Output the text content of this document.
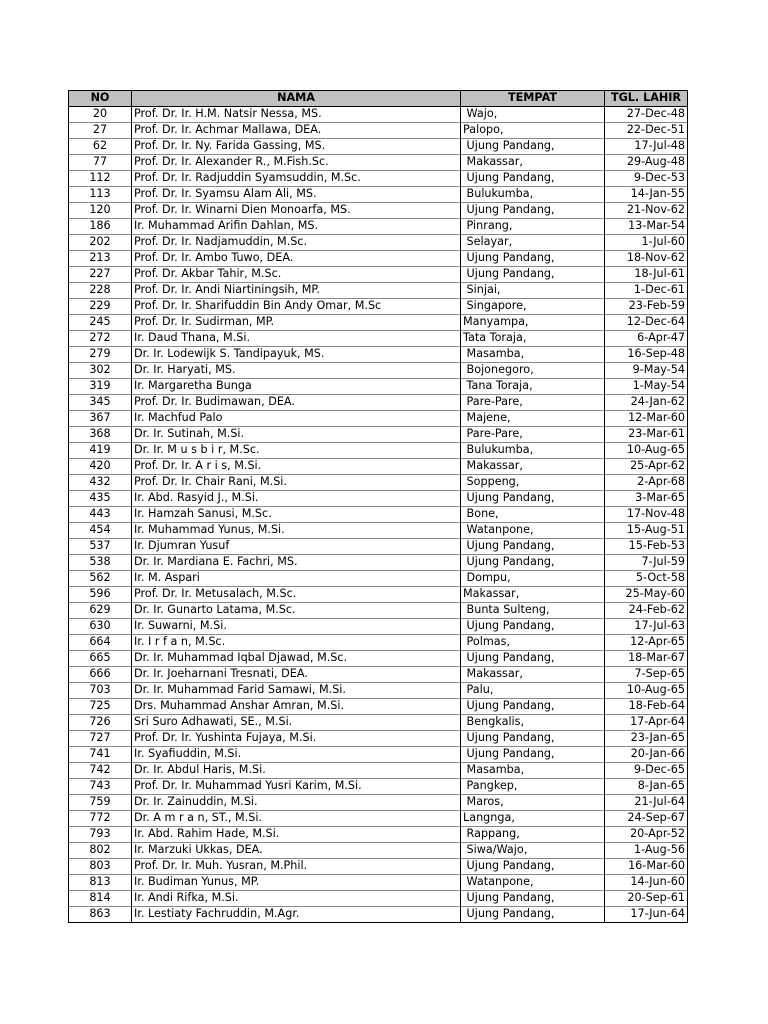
NO	NAMA	TEMPAT	TGL. LAHIR
20	Prof. Dr. Ir. H.M. Natsir Nessa, MS.	Wajo,	27-Dec-48
27	Prof. Dr. Ir. Achmar Mallawa, DEA.	Palopo,	22-Dec-51
62	Prof. Dr. Ir. Ny. Farida Gassing, MS.	Ujung Pandang,	17-Jul-48
77	Prof. Dr. Ir. Alexander R., M.Fish.Sc.	Makassar,	29-Aug-48
112	Prof. Dr. Ir. Radjuddin Syamsuddin, M.Sc.	Ujung Pandang,	9-Dec-53
113	Prof. Dr. Ir. Syamsu Alam Ali, MS.	Bulukumba,	14-Jan-55
120	Prof. Dr. Ir. Winarni Dien Monoarfa, MS.	Ujung Pandang,	21-Nov-62
186	Ir. Muhammad Arifin Dahlan, MS.	Pinrang,	13-Mar-54
202	Prof. Dr. Ir. Nadjamuddin, M.Sc.	Selayar,	1-Jul-60
213	Prof. Dr. Ir. Ambo Tuwo, DEA.	Ujung Pandang,	18-Nov-62
227	Prof. Dr. Akbar Tahir, M.Sc.	Ujung Pandang,	18-Jul-61
228	Prof. Dr. Ir. Andi Niartiningsih, MP.	Sinjai,	1-Dec-61
229	Prof. Dr. Ir. Sharifuddin Bin Andy Omar, M.Sc	Singapore,	23-Feb-59
245	Prof. Dr. Ir. Sudirman, MP.	Manyampa,	12-Dec-64
272	Ir. Daud Thana, M.Si.	Tata Toraja,	6-Apr-47
279	Dr. Ir. Lodewijk S. Tandipayuk, MS.	Masamba,	16-Sep-48
302	Dr. Ir. Haryati, MS.	Bojonegoro,	9-May-54
319	Ir. Margaretha Bunga	Tana Toraja,	1-May-54
345	Prof. Dr. Ir. Budimawan, DEA.	Pare-Pare,	24-Jan-62
367	Ir. Machfud Palo	Majene,	12-Mar-60
368	Dr. Ir. Sutinah, M.Si.	Pare-Pare,	23-Mar-61
419	Dr. Ir. M u s b i r, M.Sc.	Bulukumba,	10-Aug-65
420	Prof. Dr. Ir. A r i s, M.Si.	Makassar,	25-Apr-62
432	Prof. Dr. Ir. Chair Rani, M.Si.	Soppeng,	2-Apr-68
435	Ir. Abd. Rasyid J., M.Si.	Ujung Pandang,	3-Mar-65
443	Ir. Hamzah Sanusi, M.Sc.	Bone,	17-Nov-48
454	Ir. Muhammad Yunus, M.Si.	Watanpone,	15-Aug-51
537	Ir. Djumran Yusuf	Ujung Pandang,	15-Feb-53
538	Dr. Ir. Mardiana E. Fachri, MS.	Ujung Pandang,	7-Jul-59
562	Ir. M. Aspari	Dompu,	5-Oct-58
596	Prof. Dr. Ir. Metusalach, M.Sc.	Makassar,	25-May-60
629	Dr. Ir. Gunarto Latama, M.Sc.	Bunta Sulteng,	24-Feb-62
630	Ir. Suwarni, M.Si.	Ujung Pandang,	17-Jul-63
664	Ir. I r f a n, M.Sc.	Polmas,	12-Apr-65
665	Dr. Ir. Muhammad Iqbal Djawad, M.Sc.	Ujung Pandang,	18-Mar-67
666	Dr. Ir. Joeharnani Tresnati, DEA.	Makassar,	7-Sep-65
703	Dr. Ir. Muhammad Farid Samawi, M.Si.	Palu,	10-Aug-65
725	Drs. Muhammad Anshar Amran, M.Si.	Ujung Pandang,	18-Feb-64
726	Sri Suro Adhawati, SE., M.Si.	Bengkalis,	17-Apr-64
727	Prof. Dr. Ir. Yushinta Fujaya, M.Si.	Ujung Pandang,	23-Jan-65
741	Ir. Syafiuddin, M.Si.	Ujung Pandang,	20-Jan-66
742	Dr. Ir. Abdul Haris, M.Si.	Masamba,	9-Dec-65
743	Prof. Dr. Ir. Muhammad Yusri Karim, M.Si.	Pangkep,	8-Jan-65
759	Dr. Ir. Zainuddin, M.Si.	Maros,	21-Jul-64
772	Dr. A m r a n, ST., M.Si.	Langnga,	24-Sep-67
793	Ir. Abd. Rahim Hade, M.Si.	Rappang,	20-Apr-52
802	Ir. Marzuki Ukkas, DEA.	Siwa/Wajo,	1-Aug-56
803	Prof. Dr. Ir. Muh. Yusran, M.Phil.	Ujung Pandang,	16-Mar-60
813	Ir. Budiman Yunus, MP.	Watanpone,	14-Jun-60
814	Ir. Andi Rifka, M.Si.	Ujung Pandang,	20-Sep-61
863	Ir. Lestiaty Fachruddin, M.Agr.	Ujung Pandang,	17-Jun-64
